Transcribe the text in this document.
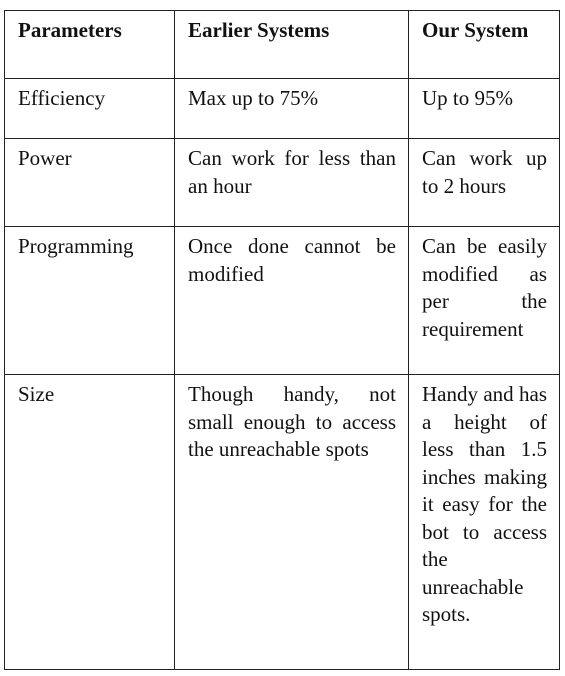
Parameters	Earlier Systems	Our System
Efficiency	Max up to 75%	Up to 95%
Power	Can work for less than an hour	Can work up to 2 hours
Programming	Once done cannot be modified	Can be easily modified as per the requirement
Size	Though handy, not small enough to access the unreachable spots	Handy and has a height of less than 1.5 inches making it easy for the bot to access the unreachable spots.
